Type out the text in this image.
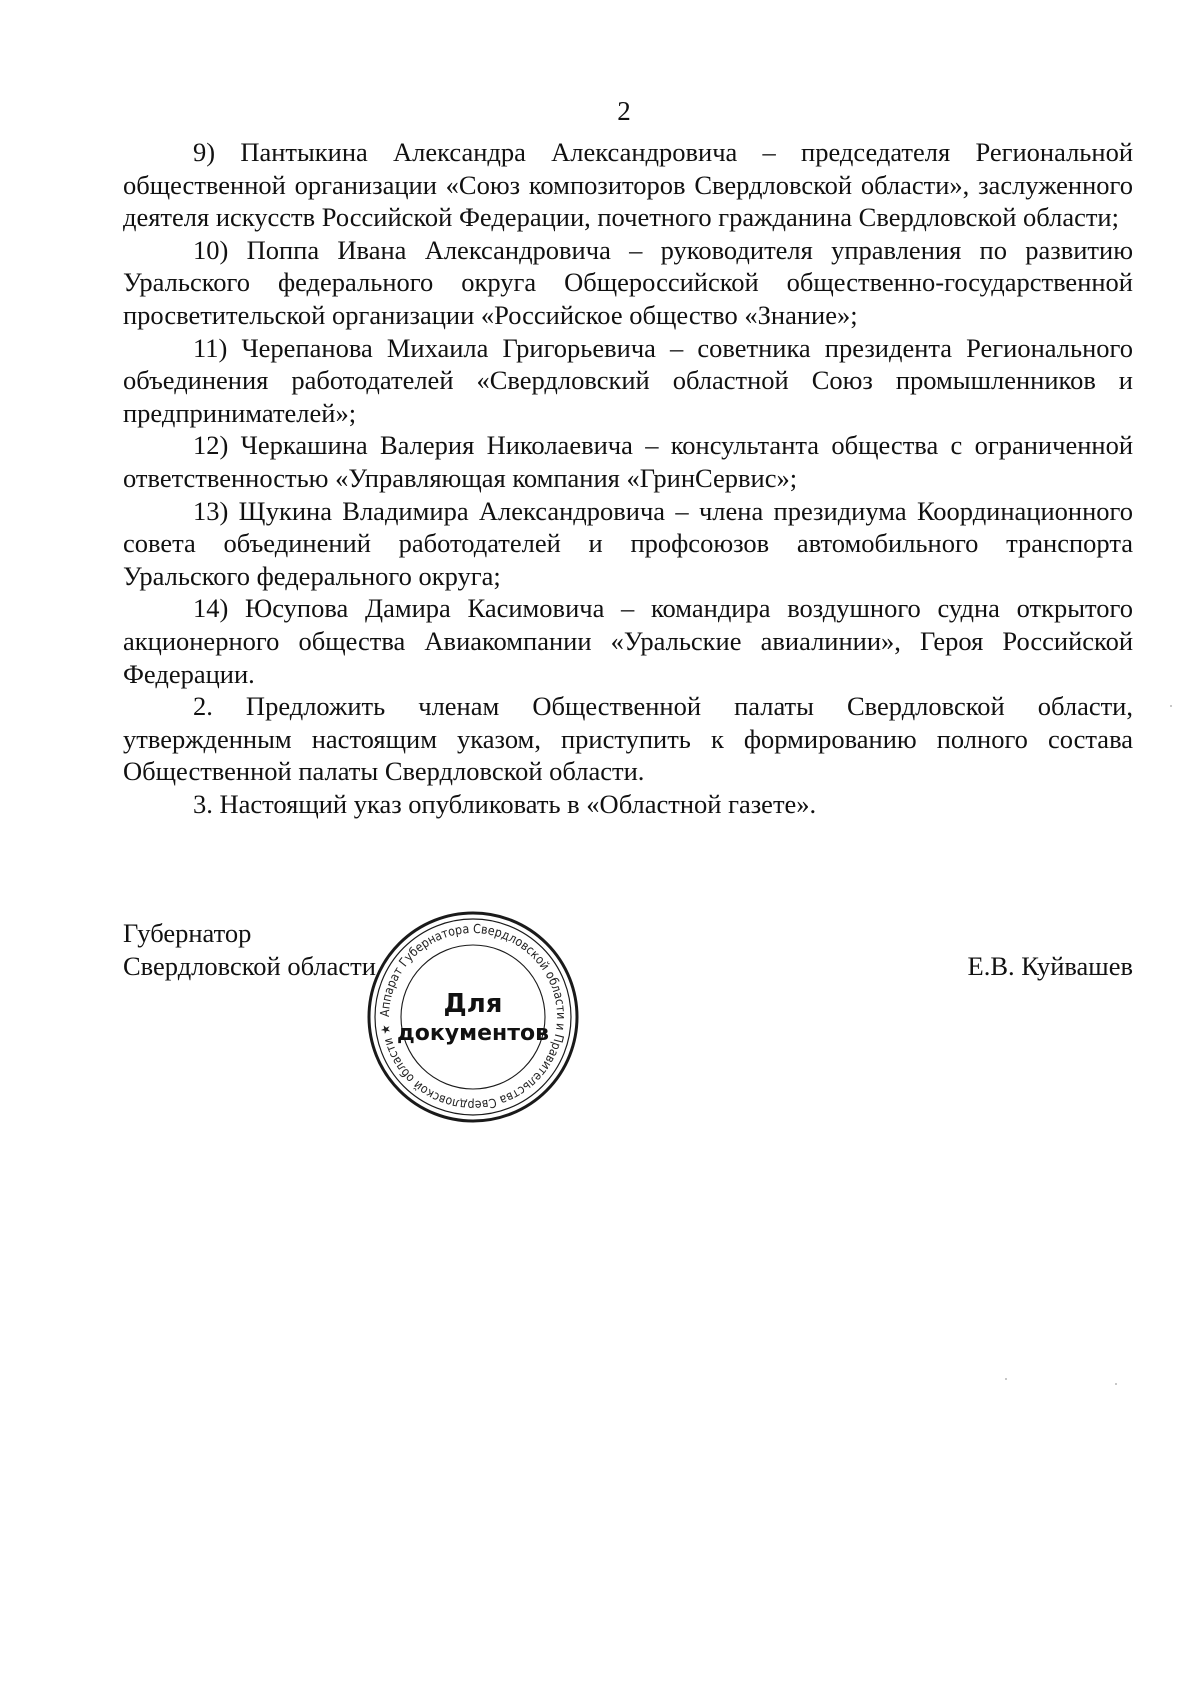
2

9) Пантыкина Александра Александровича – председателя Региональной общественной организации «Союз композиторов Свердловской области», заслуженного деятеля искусств Российской Федерации, почетного гражданина Свердловской области;

10) Поппа Ивана Александровича – руководителя управления по развитию Уральского федерального округа Общероссийской общественно-государственной просветительской организации «Российское общество «Знание»;

11) Черепанова Михаила Григорьевича – советника президента Регионального объединения работодателей «Свердловский областной Союз промышленников и предпринимателей»;

12) Черкашина Валерия Николаевича – консультанта общества с ограниченной ответственностью «Управляющая компания «ГринСервис»;

13) Щукина Владимира Александровича – члена президиума Координационного совета объединений работодателей и профсоюзов автомобильного транспорта Уральского федерального округа;

14) Юсупова Дамира Касимовича – командира воздушного судна открытого акционерного общества Авиакомпании «Уральские авиалинии», Героя Российской Федерации.

2. Предложить членам Общественной палаты Свердловской области, утвержденным настоящим указом, приступить к формированию полного состава Общественной палаты Свердловской области.

3. Настоящий указ опубликовать в «Областной газете».

Губернатор
Свердловской области	Е.В. Куйвашев
Аппарат Губернатора Свердловской области и Правительства Свердловской области ★
Для
документов
